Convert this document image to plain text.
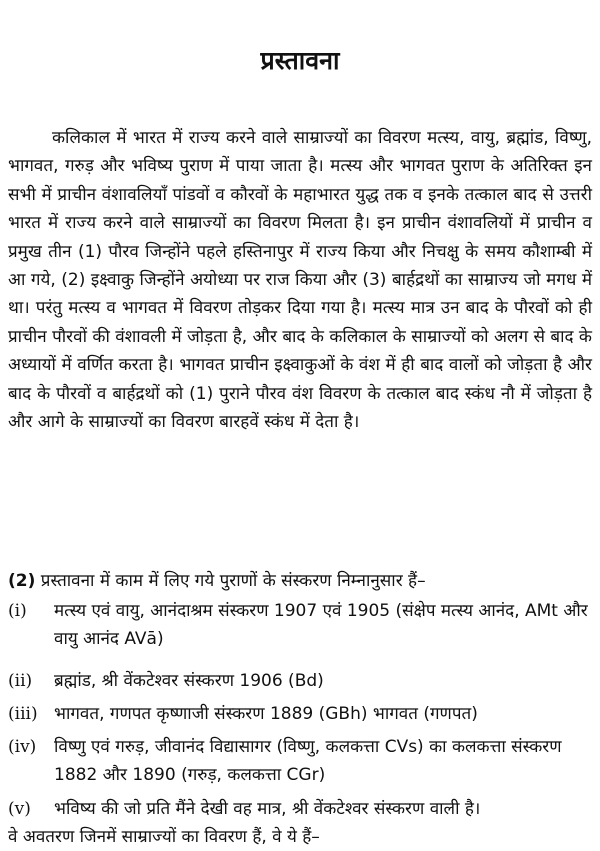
प्रस्तावना

कलिकाल में भारत में राज्य करने वाले साम्राज्यों का विवरण मत्स्य, वायु, ब्रह्मांड, विष्णु, भागवत, गरुड़ और भविष्य पुराण में पाया जाता है। मत्स्य और भागवत पुराण के अतिरिक्त इन सभी में प्राचीन वंशावलियाँ पांडवों व कौरवों के महाभारत युद्ध तक व इनके तत्काल बाद से उत्तरी भारत में राज्य करने वाले साम्राज्यों का विवरण मिलता है। इन प्राचीन वंशावलियों में प्राचीन व प्रमुख तीन (1) पौरव जिन्होंने पहले हस्तिनापुर में राज्य किया और निचक्षु के समय कौशाम्बी में आ गये, (2) इक्ष्वाकु जिन्होंने अयोध्या पर राज किया और (3) बार्हद्रथों का साम्राज्य जो मगध में था। परंतु मत्स्य व भागवत में विवरण तोड़कर दिया गया है। मत्स्य मात्र उन बाद के पौरवों को ही प्राचीन पौरवों की वंशावली में जोड़ता है, और बाद के कलिकाल के साम्राज्यों को अलग से बाद के अध्यायों में वर्णित करता है। भागवत प्राचीन इक्ष्वाकुओं के वंश में ही बाद वालों को जोड़ता है और बाद के पौरवों व बार्हद्रथों को (1) पुराने पौरव वंश विवरण के तत्काल बाद स्कंध नौ में जोड़ता है और आगे के साम्राज्यों का विवरण बारहवें स्कंध में देता है।

(2) प्रस्तावना में काम में लिए गये पुराणों के संस्करण निम्नानुसार हैं–
(i) मत्स्य एवं वायु, आनंदाश्रम संस्करण 1907 एवं 1905 (संक्षेप मत्स्य आनंद, AMt और वायु आनंद AVā)
(ii) ब्रह्मांड, श्री वेंकटेश्वर संस्करण 1906 (Bd)
(iii) भागवत, गणपत कृष्णाजी संस्करण 1889 (GBh) भागवत (गणपत)
(iv) विष्णु एवं गरुड़, जीवानंद विद्यासागर (विष्णु, कलकत्ता CVs) का कलकत्ता संस्करण 1882 और 1890 (गरुड़, कलकत्ता CGr)
(v) भविष्य की जो प्रति मैंने देखी वह मात्र, श्री वेंकटेश्वर संस्करण वाली है।
वे अवतरण जिनमें साम्राज्यों का विवरण हैं, वे ये हैं–
